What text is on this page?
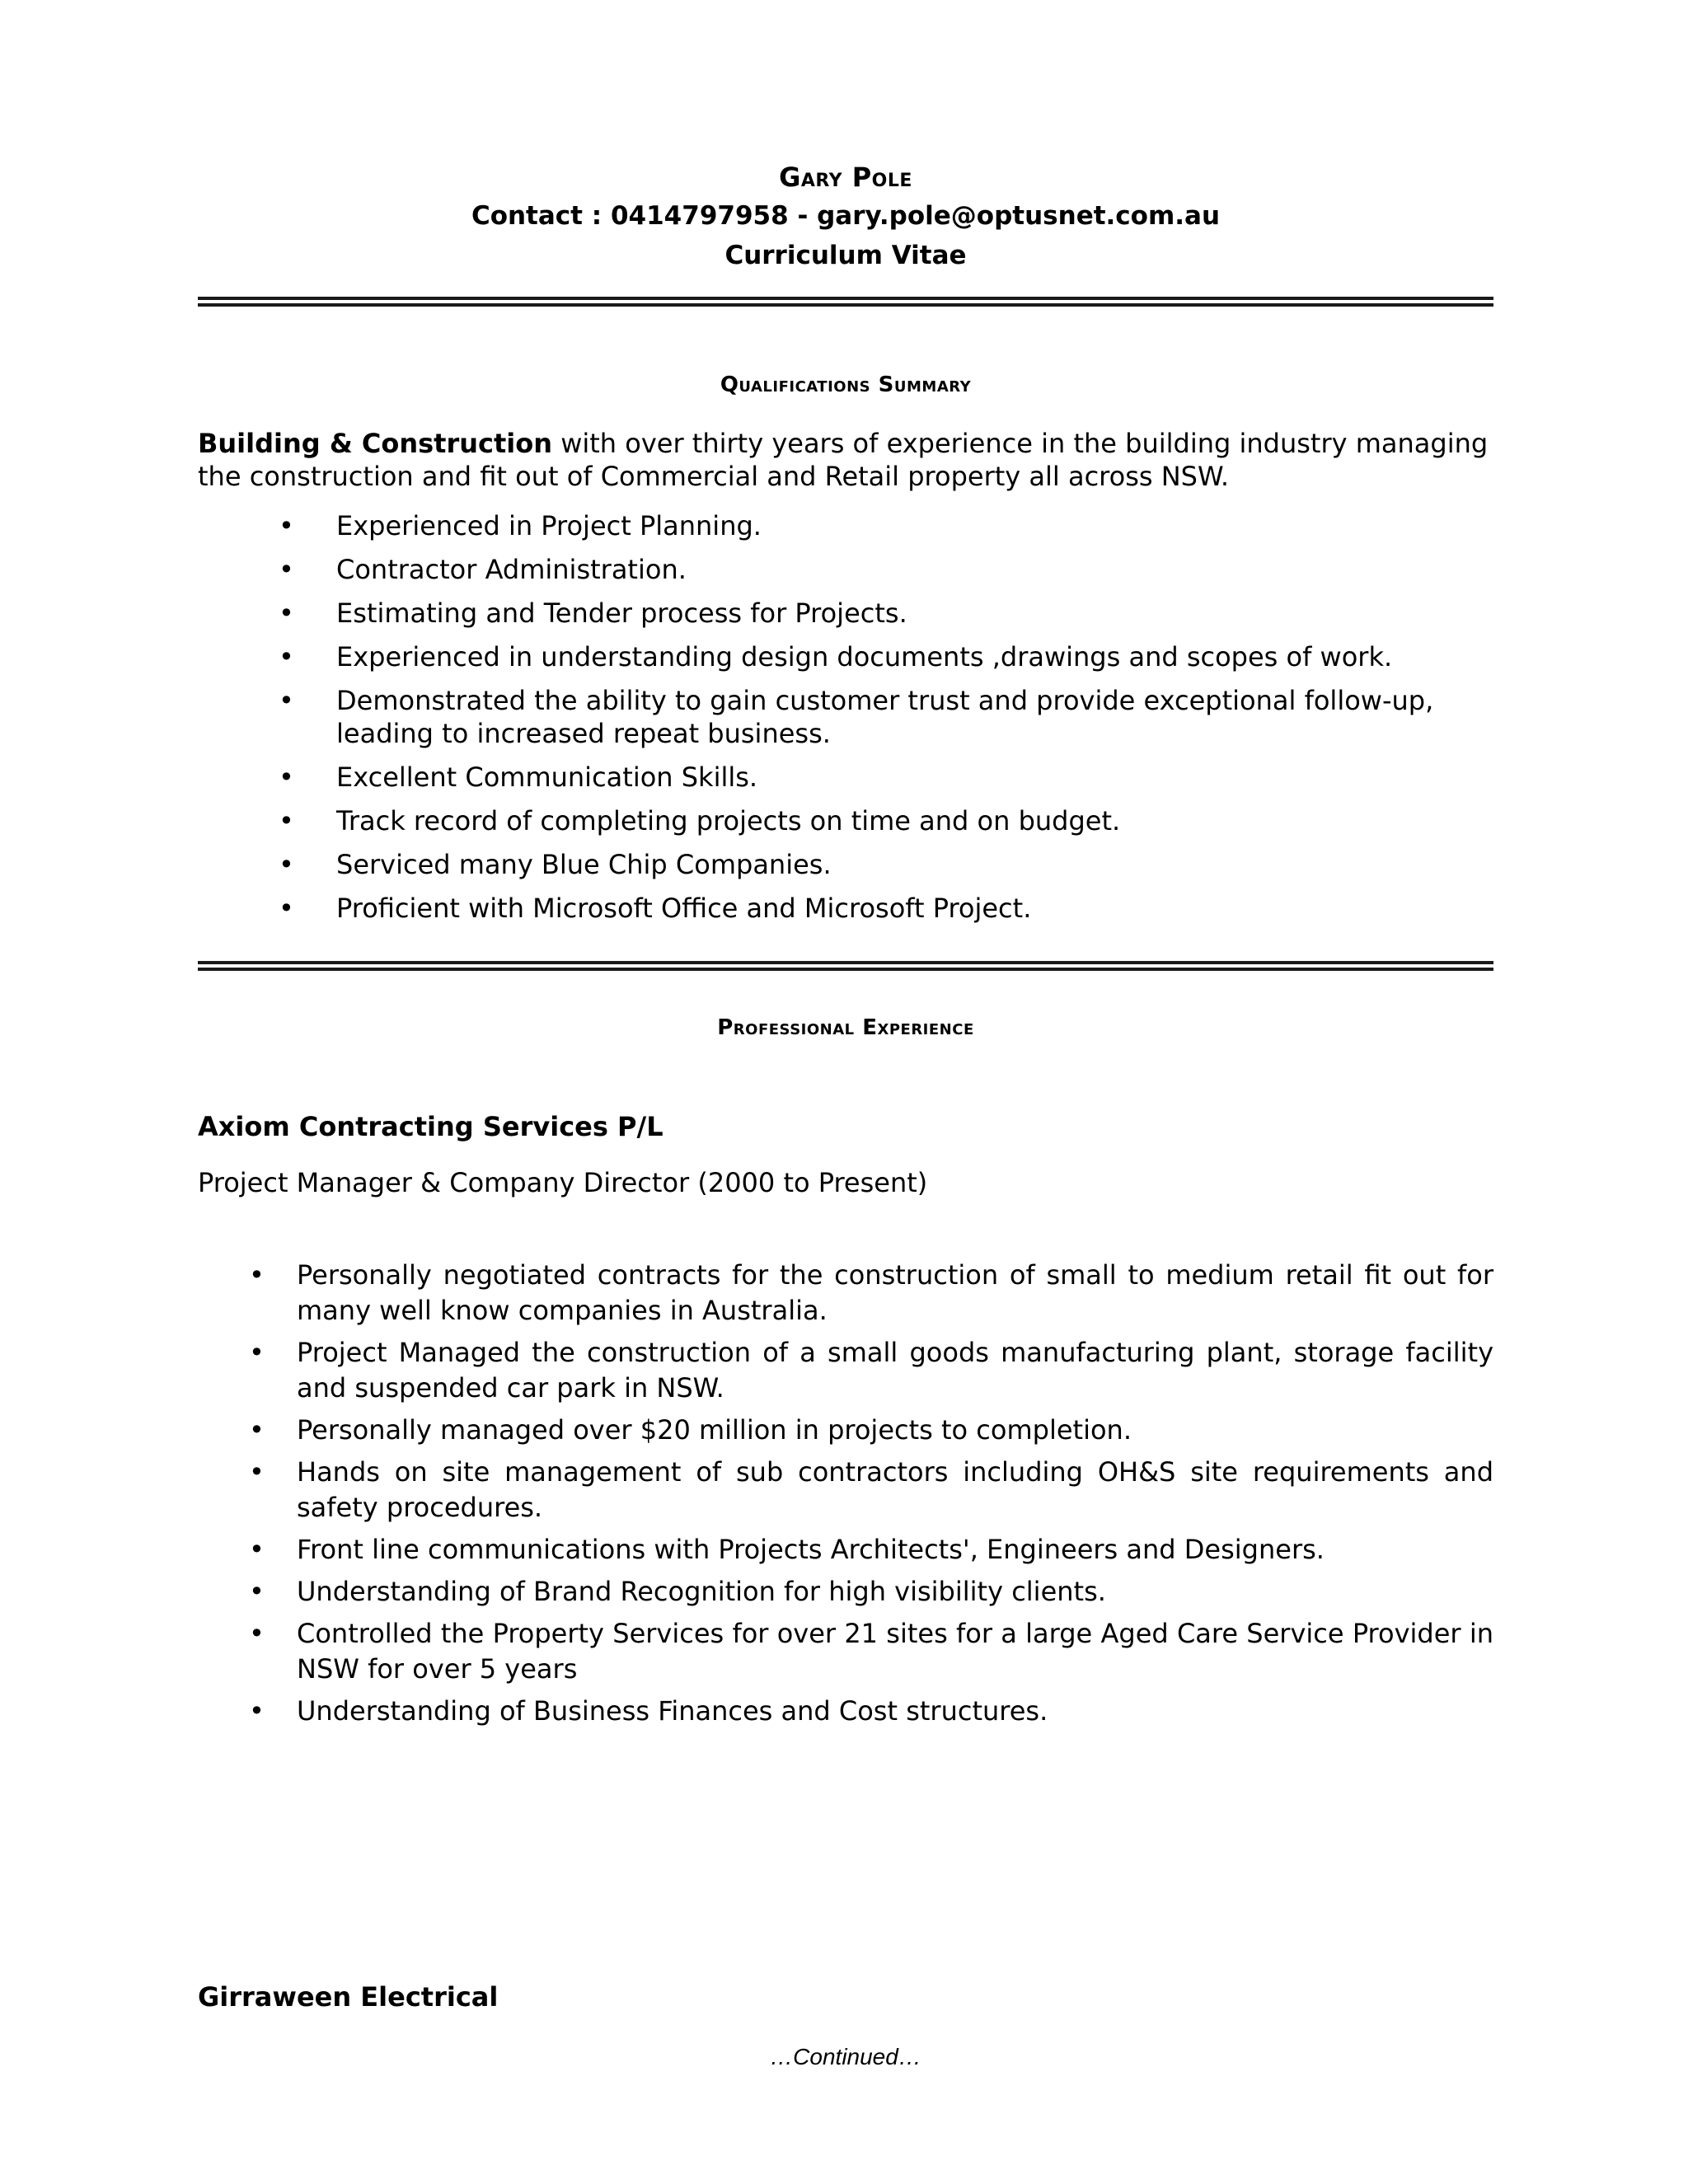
Gary Pole
Contact : 0414797958 - gary.pole@optusnet.com.au
Curriculum Vitae
Qualifications Summary
Building & Construction with over thirty years of experience in the building industry managing the construction and fit out of Commercial and Retail property all across NSW.
• Experienced in Project Planning.
• Contractor Administration.
• Estimating and Tender process for Projects.
• Experienced in understanding design documents ,drawings and scopes of work.
• Demonstrated the ability to gain customer trust and provide exceptional follow-up, leading to increased repeat business.
• Excellent Communication Skills.
• Track record of completing projects on time and on budget.
• Serviced many Blue Chip Companies.
• Proficient with Microsoft Office and Microsoft Project.
Professional Experience
Axiom Contracting Services P/L
Project Manager & Company Director (2000 to Present)
• Personally negotiated contracts for the construction of small to medium retail fit out for many well know companies in Australia.
• Project Managed the construction of a small goods manufacturing plant, storage facility and suspended car park in NSW.
• Personally managed over $20 million in projects to completion.
• Hands on site management of sub contractors including OH&S site requirements and safety procedures.
• Front line communications with Projects Architects', Engineers and Designers.
• Understanding of Brand Recognition for high visibility clients.
• Controlled the Property Services for over 21 sites for a large Aged Care Service Provider in NSW for over 5 years
• Understanding of Business Finances and Cost structures.
Girraween Electrical
…Continued…
